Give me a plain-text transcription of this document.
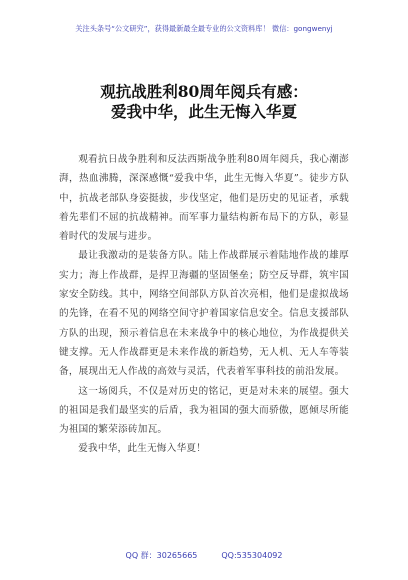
关注头条号“公文研究”，获得最新最全最专业的公文资料库！ 微信：gongwenyj
观抗战胜利80周年阅兵有感：
爱我中华，此生无悔入华夏

观看抗日战争胜利和反法西斯战争胜利80周年阅兵，我心潮澎湃，热血沸腾，深深感慨“爱我中华，此生无悔入华夏”。徒步方队中，抗战老部队身姿挺拔，步伐坚定，他们是历史的见证者，承载着先辈们不屈的抗战精神。而军事力量结构新布局下的方队，彰显着时代的发展与进步。

最让我激动的是装备方队。陆上作战群展示着陆地作战的雄厚实力；海上作战群，是捍卫海疆的坚固堡垒；防空反导群，筑牢国家安全防线。其中，网络空间部队方队首次亮相，他们是虚拟战场的先锋，在看不见的网络空间守护着国家信息安全。信息支援部队方队的出现，预示着信息在未来战争中的核心地位，为作战提供关键支撑。无人作战群更是未来作战的新趋势，无人机、无人车等装备，展现出无人作战的高效与灵活，代表着军事科技的前沿发展。

这一场阅兵，不仅是对历史的铭记，更是对未来的展望。强大的祖国是我们最坚实的后盾，我为祖国的强大而骄傲，愿倾尽所能为祖国的繁荣添砖加瓦。

爱我中华，此生无悔入华夏！

QQ 群：30265665	QQ:535304092
